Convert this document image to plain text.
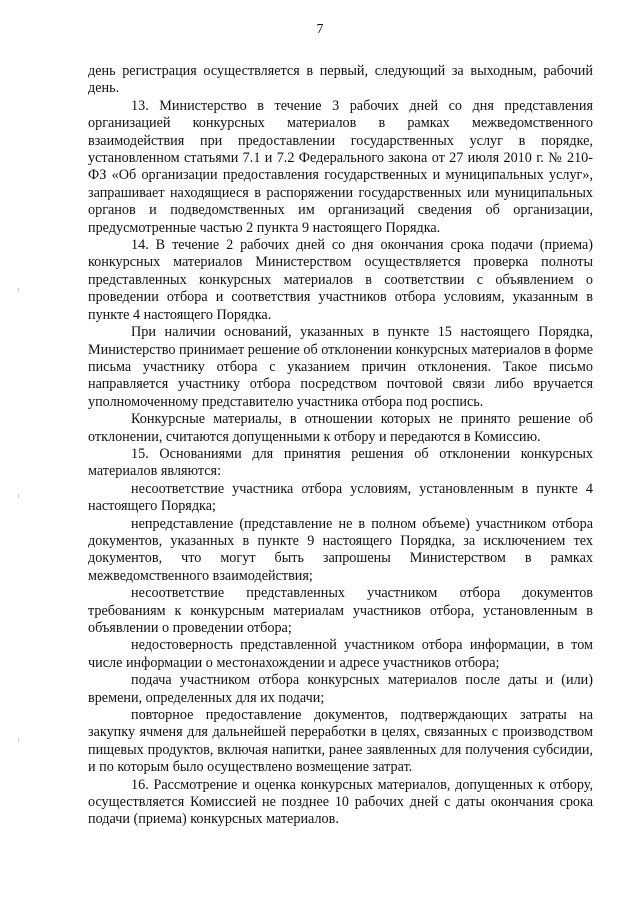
7

день регистрация осуществляется в первый, следующий за выходным, рабочий день.

13. Министерство в течение 3 рабочих дней со дня представления организацией конкурсных материалов в рамках межведомственного взаимодействия при предоставлении государственных услуг в порядке, установленном статьями 7.1 и 7.2 Федерального закона от 27 июля 2010 г. № 210-ФЗ «Об организации предоставления государственных и муниципальных услуг», запрашивает находящиеся в распоряжении государственных или муниципальных органов и подведомственных им организаций сведения об организации, предусмотренные частью 2 пункта 9 настоящего Порядка.

14. В течение 2 рабочих дней со дня окончания срока подачи (приема) конкурсных материалов Министерством осуществляется проверка полноты представленных конкурсных материалов в соответствии с объявлением о проведении отбора и соответствия участников отбора условиям, указанным в пункте 4 настоящего Порядка.

При наличии оснований, указанных в пункте 15 настоящего Порядка, Министерство принимает решение об отклонении конкурсных материалов в форме письма участнику отбора с указанием причин отклонения. Такое письмо направляется участнику отбора посредством почтовой связи либо вручается уполномоченному представителю участника отбора под роспись.

Конкурсные материалы, в отношении которых не принято решение об отклонении, считаются допущенными к отбору и передаются в Комиссию.

15. Основаниями для принятия решения об отклонении конкурсных материалов являются:

несоответствие участника отбора условиям, установленным в пункте 4 настоящего Порядка;

непредставление (представление не в полном объеме) участником отбора документов, указанных в пункте 9 настоящего Порядка, за исключением тех документов, что могут быть запрошены Министерством в рамках межведомственного взаимодействия;

несоответствие представленных участником отбора документов требованиям к конкурсным материалам участников отбора, установленным в объявлении о проведении отбора;

недостоверность представленной участником отбора информации, в том числе информации о местонахождении и адресе участников отбора;

подача участником отбора конкурсных материалов после даты и (или) времени, определенных для их подачи;

повторное предоставление документов, подтверждающих затраты на закупку ячменя для дальнейшей переработки в целях, связанных с производством пищевых продуктов, включая напитки, ранее заявленных для получения субсидии, и по которым было осуществлено возмещение затрат.

16. Рассмотрение и оценка конкурсных материалов, допущенных к отбору, осуществляется Комиссией не позднее 10 рабочих дней с даты окончания срока подачи (приема) конкурсных материалов.
